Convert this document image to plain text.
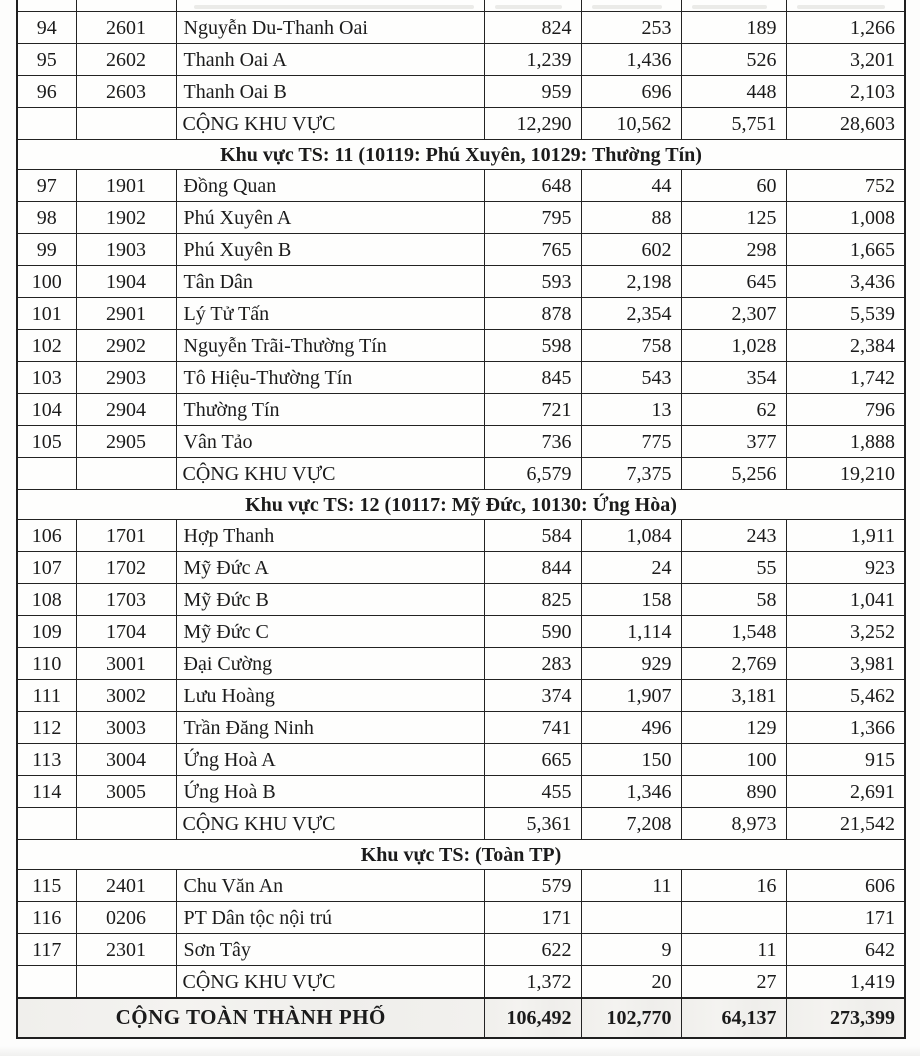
94	2601	Nguyễn Du-Thanh Oai	824	253	189	1,266
95	2602	Thanh Oai A	1,239	1,436	526	3,201
96	2603	Thanh Oai B	959	696	448	2,103
		CỘNG KHU VỰC	12,290	10,562	5,751	28,603
Khu vực TS: 11 (10119: Phú Xuyên, 10129: Thường Tín)						
97	1901	Đồng Quan	648	44	60	752
98	1902	Phú Xuyên A	795	88	125	1,008
99	1903	Phú Xuyên B	765	602	298	1,665
100	1904	Tân Dân	593	2,198	645	3,436
101	2901	Lý Tử Tấn	878	2,354	2,307	5,539
102	2902	Nguyễn Trãi-Thường Tín	598	758	1,028	2,384
103	2903	Tô Hiệu-Thường Tín	845	543	354	1,742
104	2904	Thường Tín	721	13	62	796
105	2905	Vân Tảo	736	775	377	1,888
		CỘNG KHU VỰC	6,579	7,375	5,256	19,210
Khu vực TS: 12 (10117: Mỹ Đức, 10130: Ứng Hòa)						
106	1701	Hợp Thanh	584	1,084	243	1,911
107	1702	Mỹ Đức A	844	24	55	923
108	1703	Mỹ Đức B	825	158	58	1,041
109	1704	Mỹ Đức C	590	1,114	1,548	3,252
110	3001	Đại Cường	283	929	2,769	3,981
111	3002	Lưu Hoàng	374	1,907	3,181	5,462
112	3003	Trần Đăng Ninh	741	496	129	1,366
113	3004	Ứng Hoà A	665	150	100	915
114	3005	Ứng Hoà B	455	1,346	890	2,691
		CỘNG KHU VỰC	5,361	7,208	8,973	21,542
Khu vực TS: (Toàn TP)						
115	2401	Chu Văn An	579	11	16	606
116	0206	PT Dân tộc nội trú	171			171
117	2301	Sơn Tây	622	9	11	642
		CỘNG KHU VỰC	1,372	20	27	1,419
CỘNG TOÀN THÀNH PHỐ			106,492	102,770	64,137	273,399
